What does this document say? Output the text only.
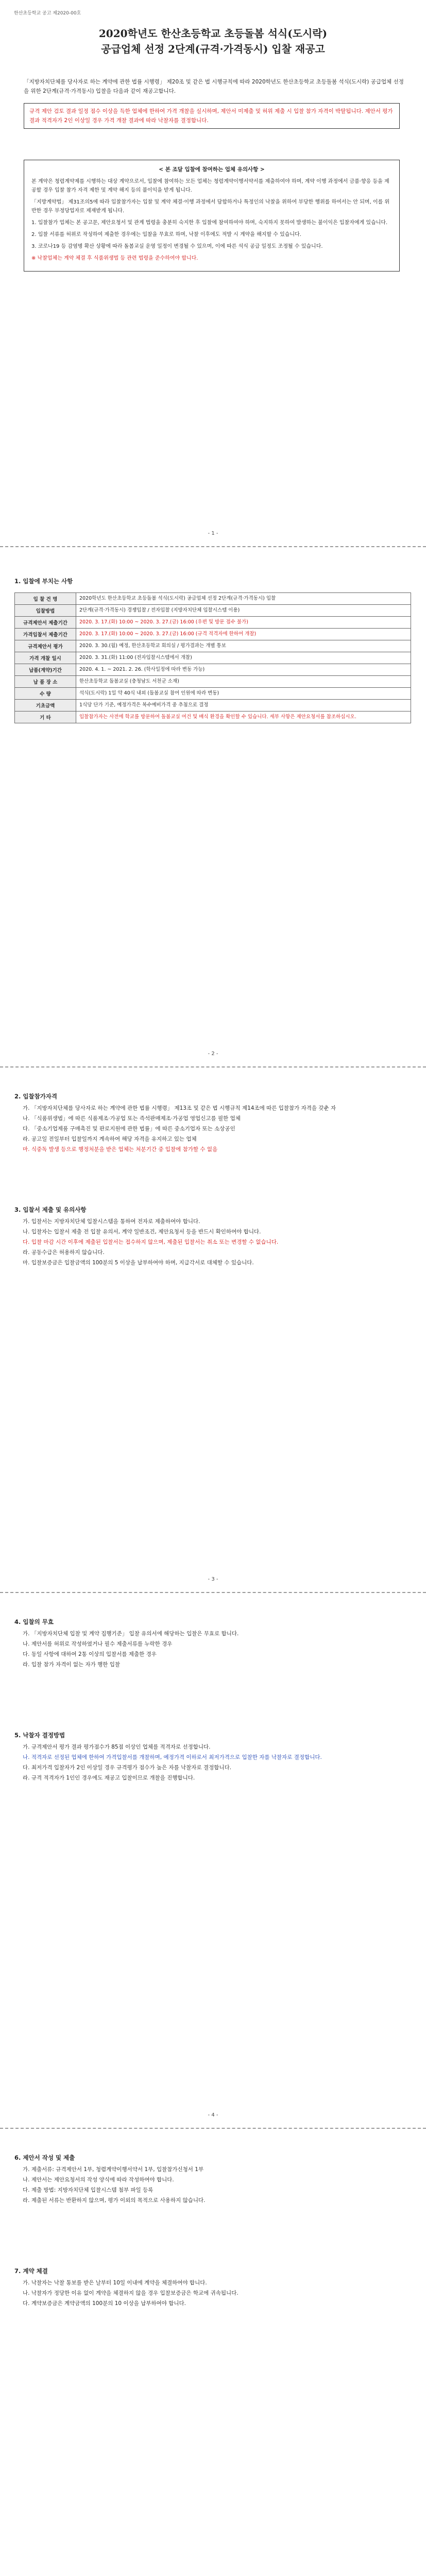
한산초등학교 공고 제2020-00호
2020학년도 한산초등학교 초등돌봄 석식(도시락)
공급업체 선정 2단계(규격·가격동시) 입찰 재공고
「지방자치단체를 당사자로 하는 계약에 관한 법률 시행령」 제20조 및 같은 법 시행규칙에 따라 2020학년도 한산초등학교 초등돌봄 석식(도시락) 공급업체 선정을 위한 2단계(규격·가격동시) 입찰을 다음과 같이 재공고합니다.
규격 제안 검토 결과 일정 점수 이상을 득한 업체에 한하여 가격 개찰을 실시하며, 제안서 미제출 및 허위 제출 시 입찰 참가 자격이 박탈됩니다. 제안서 평가 결과 적격자가 2인 이상일 경우 가격 개찰 결과에 따라 낙찰자를 결정합니다.
< 본 조달 입찰에 참여하는 업체 유의사항 >

본 계약은 청렴계약제를 시행하는 대상 계약으로서, 입찰에 참여하는 모든 업체는 청렴계약이행서약서를 제출하여야 하며, 계약 이행 과정에서 금품·향응 등을 제공할 경우 입찰 참가 자격 제한 및 계약 해지 등의 불이익을 받게 됩니다.

「지방계약법」 제31조의5에 따라 입찰참가자는 입찰 및 계약 체결·이행 과정에서 담합하거나 특정인의 낙찰을 위하여 부당한 행위를 하여서는 안 되며, 이를 위반한 경우 부정당업자로 제재받게 됩니다.

1. 입찰참가 업체는 본 공고문, 제안요청서 및 관계 법령을 충분히 숙지한 후 입찰에 참여하여야 하며, 숙지하지 못하여 발생하는 불이익은 입찰자에게 있습니다.

2. 입찰 서류를 허위로 작성하여 제출한 경우에는 입찰을 무효로 하며, 낙찰 이후에도 적발 시 계약을 해지할 수 있습니다.

3. 코로나19 등 감염병 확산 상황에 따라 돌봄교실 운영 일정이 변경될 수 있으며, 이에 따른 석식 공급 일정도 조정될 수 있습니다.

※ 낙찰업체는 계약 체결 후 식품위생법 등 관련 법령을 준수하여야 합니다.

- 1 -
1. 입찰에 부치는 사항
입 찰 건 명	2020학년도 한산초등학교 초등돌봄 석식(도시락) 공급업체 선정 2단계(규격·가격동시) 입찰
입찰방법	2단계(규격·가격동시) 경쟁입찰 / 전자입찰 (지방자치단체 입찰시스템 이용)
규격제안서 제출기간	2020. 3. 17.(화) 10:00 ~ 2020. 3. 27.(금) 16:00 (우편 및 방문 접수 불가)
가격입찰서 제출기간	2020. 3. 17.(화) 10:00 ~ 2020. 3. 27.(금) 16:00 (규격 적격자에 한하여 개찰)
규격제안서 평가	2020. 3. 30.(월) 예정, 한산초등학교 회의실 / 평가결과는 개별 통보
가격 개찰 일시	2020. 3. 31.(화) 11:00 (전자입찰시스템에서 개찰)
납품(계약)기간	2020. 4. 1. ~ 2021. 2. 26. (학사일정에 따라 변동 가능)
납 품 장 소	한산초등학교 돌봄교실 (충청남도 서천군 소재)
수 량	석식(도시락) 1일 약 40식 내외 (돌봄교실 참여 인원에 따라 변동)
기초금액	1식당 단가 기준, 예정가격은 복수예비가격 중 추첨으로 결정
기 타	입찰참가자는 사전에 학교를 방문하여 돌봄교실 여건 및 배식 환경을 확인할 수 있습니다. 세부 사항은 제안요청서를 참조하십시오.
- 2 -
2. 입찰참가자격

가. 「지방자치단체를 당사자로 하는 계약에 관한 법률 시행령」 제13조 및 같은 법 시행규칙 제14조에 따른 입찰참가 자격을 갖춘 자

나. 「식품위생법」에 따른 식품제조·가공업 또는 즉석판매제조·가공업 영업신고를 필한 업체

다. 「중소기업제품 구매촉진 및 판로지원에 관한 법률」에 따른 중소기업자 또는 소상공인

라. 공고일 전일부터 입찰일까지 계속하여 해당 자격을 유지하고 있는 업체

마. 식중독 발생 등으로 행정처분을 받은 업체는 처분기간 중 입찰에 참가할 수 없음

3. 입찰서 제출 및 유의사항

가. 입찰서는 지방자치단체 입찰시스템을 통하여 전자로 제출하여야 합니다.

나. 입찰자는 입찰서 제출 전 입찰 유의서, 계약 일반조건, 제안요청서 등을 반드시 확인하여야 합니다.

다. 입찰 마감 시간 이후에 제출된 입찰서는 접수하지 않으며, 제출된 입찰서는 취소 또는 변경할 수 없습니다.

라. 공동수급은 허용하지 않습니다.

마. 입찰보증금은 입찰금액의 100분의 5 이상을 납부하여야 하며, 지급각서로 대체할 수 있습니다.

- 3 -
4. 입찰의 무효

가. 「지방자치단체 입찰 및 계약 집행기준」 입찰 유의서에 해당하는 입찰은 무효로 합니다.

나. 제안서를 허위로 작성하였거나 필수 제출서류를 누락한 경우

다. 동일 사항에 대하여 2통 이상의 입찰서를 제출한 경우

라. 입찰 참가 자격이 없는 자가 행한 입찰

5. 낙찰자 결정방법

가. 규격제안서 평가 결과 평가점수가 85점 이상인 업체를 적격자로 선정합니다.

나. 적격자로 선정된 업체에 한하여 가격입찰서를 개찰하며, 예정가격 이하로서 최저가격으로 입찰한 자를 낙찰자로 결정합니다.

다. 최저가격 입찰자가 2인 이상일 경우 규격평가 점수가 높은 자를 낙찰자로 결정합니다.

라. 규격 적격자가 1인인 경우에도 재공고 입찰이므로 개찰을 진행합니다.

- 4 -
6. 제안서 작성 및 제출

가. 제출서류: 규격제안서 1부, 청렴계약이행서약서 1부, 입찰참가신청서 1부

나. 제안서는 제안요청서의 작성 양식에 따라 작성하여야 합니다.

다. 제출 방법: 지방자치단체 입찰시스템 첨부 파일 등록

라. 제출된 서류는 반환하지 않으며, 평가 이외의 목적으로 사용하지 않습니다.

7. 계약 체결

가. 낙찰자는 낙찰 통보를 받은 날부터 10일 이내에 계약을 체결하여야 합니다.

나. 낙찰자가 정당한 이유 없이 계약을 체결하지 않을 경우 입찰보증금은 학교에 귀속됩니다.

다. 계약보증금은 계약금액의 100분의 10 이상을 납부하여야 합니다.
